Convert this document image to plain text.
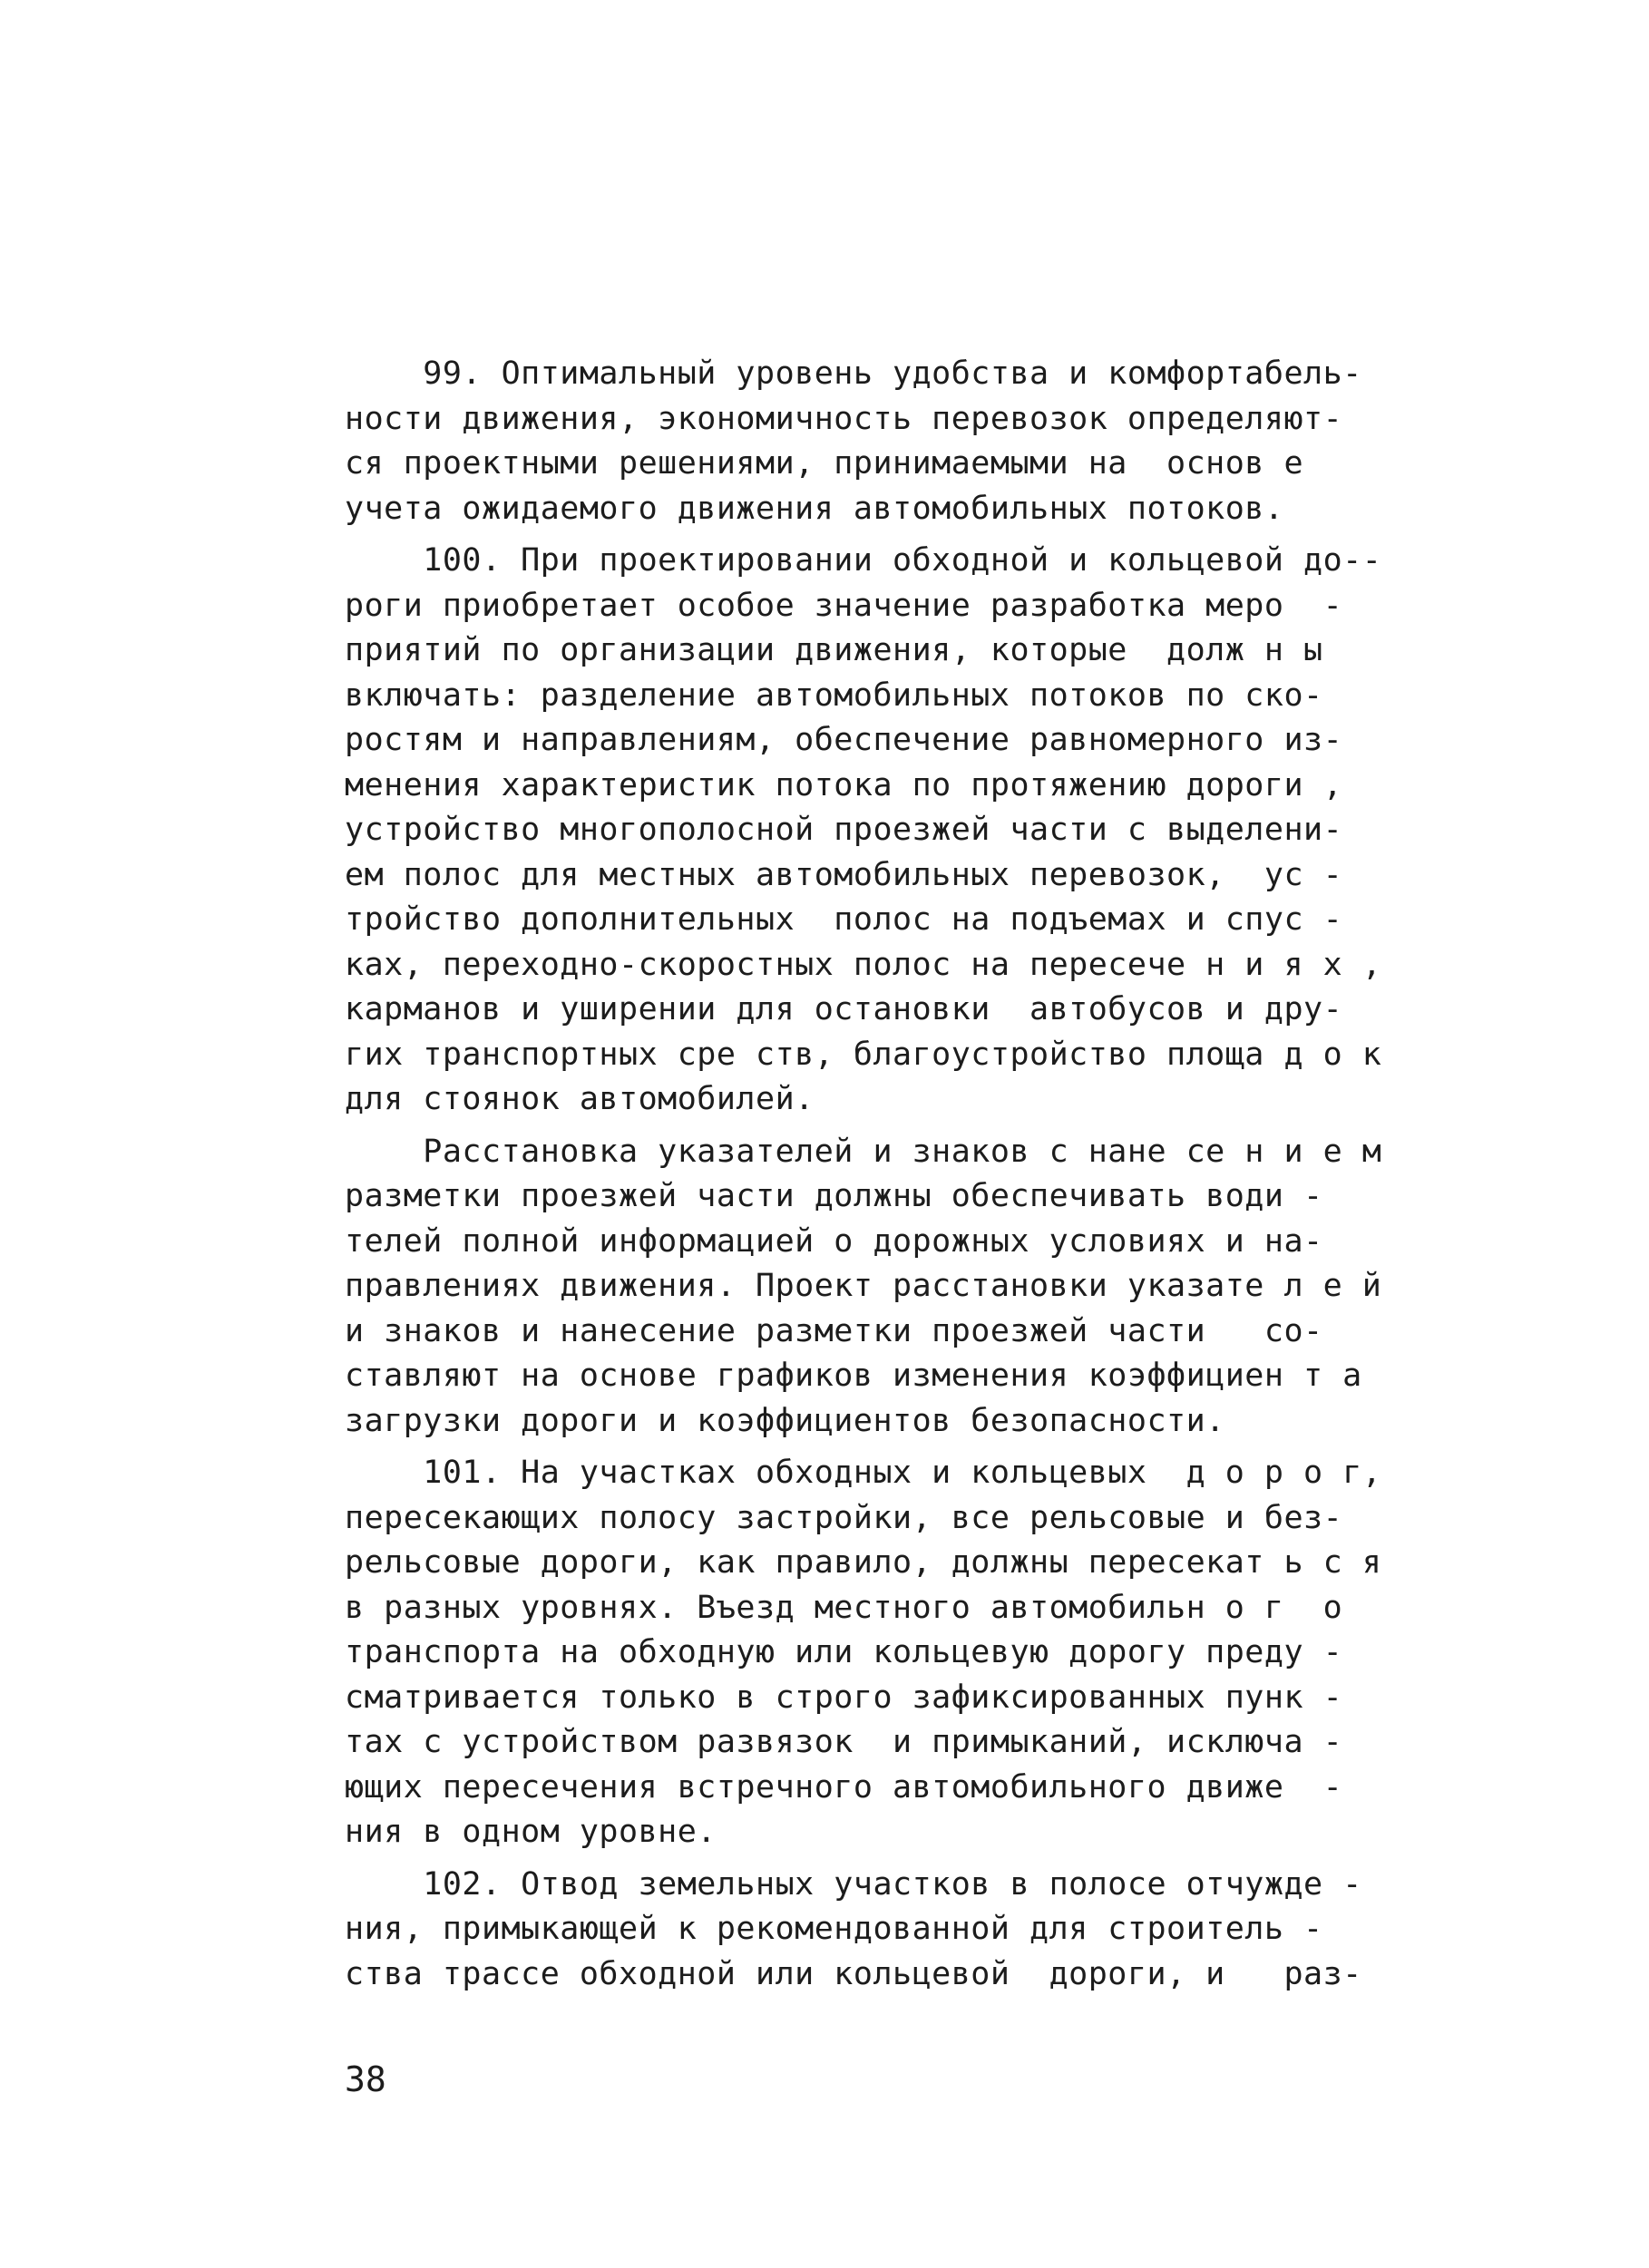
99. Оптимальный уровень удобства и комфортабель-
ности движения, экономичность перевозок определяют-
ся проектными решениями, принимаемыми на  основ е
учета ожидаемого движения автомобильных потоков.
100. При проектировании обходной и кольцевой до--
роги приобретает особое значение разработка меро  -
приятий по организации движения, которые  долж н ы
включать: разделение автомобильных потоков по ско-
ростям и направлениям, обеспечение равномерного из-
менения характеристик потока по протяжению дороги ,
устройство многополосной проезжей части с выделени-
ем полос для местных автомобильных перевозок,  ус -
тройство дополнительных  полос на подъемах и спус -
ках, переходно-скоростных полос на пересече н и я х ,
карманов и уширении для остановки  автобусов и дру-
гих транспортных сре ств, благоустройство площа д о к
для стоянок автомобилей.
Расстановка указателей и знаков с нане се н и е м
разметки проезжей части должны обеспечивать води -
телей полной информацией о дорожных условиях и на-
правлениях движения. Проект расстановки указате л е й
и знаков и нанесение разметки проезжей части   со-
ставляют на основе графиков изменения коэффициен т а
загрузки дороги и коэффициентов безопасности.
101. На участках обходных и кольцевых  д о р о г,
пересекающих полосу застройки, все рельсовые и без-
рельсовые дороги, как правило, должны пересекат ь с я
в разных уровнях. Въезд местного автомобильн о г  о
транспорта на обходную или кольцевую дорогу преду -
сматривается только в строго зафиксированных пунк -
тах с устройством развязок  и примыканий, исключа -
ющих пересечения встречного автомобильного движе  -
ния в одном уровне.
102. Отвод земельных участков в полосе отчужде -
ния, примыкающей к рекомендованной для строитель -
ства трассе обходной или кольцевой  дороги, и   раз-
38
